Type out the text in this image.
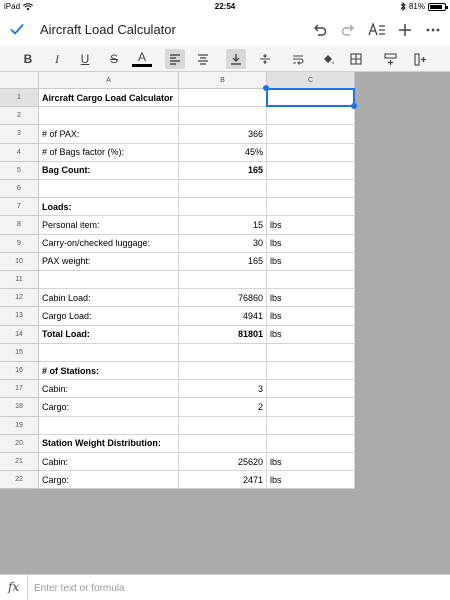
iPad	22:54	81%
Aircraft Load Calculator
B	I	U	S	A
A	B	C
1	Aircraft Cargo Load Calculator
2
3	# of PAX:	366
4	# of Bags factor (%):	45%
5	Bag Count:	165
6
7	Loads:
8	Personal item:	15 lbs
9	Carry-on/checked luggage:	30 lbs
10	PAX weight:	165 lbs
11
12	Cabin Load:	76860 lbs
13	Cargo Load:	4941 lbs
14	Total Load:	81801 lbs
15
16	# of Stations:
17	Cabin:	3
18	Cargo:	2
19
20	Station Weight Distribution:
21	Cabin:	25620 lbs
22	Cargo:	2471 lbs
fx
Enter text or formula
